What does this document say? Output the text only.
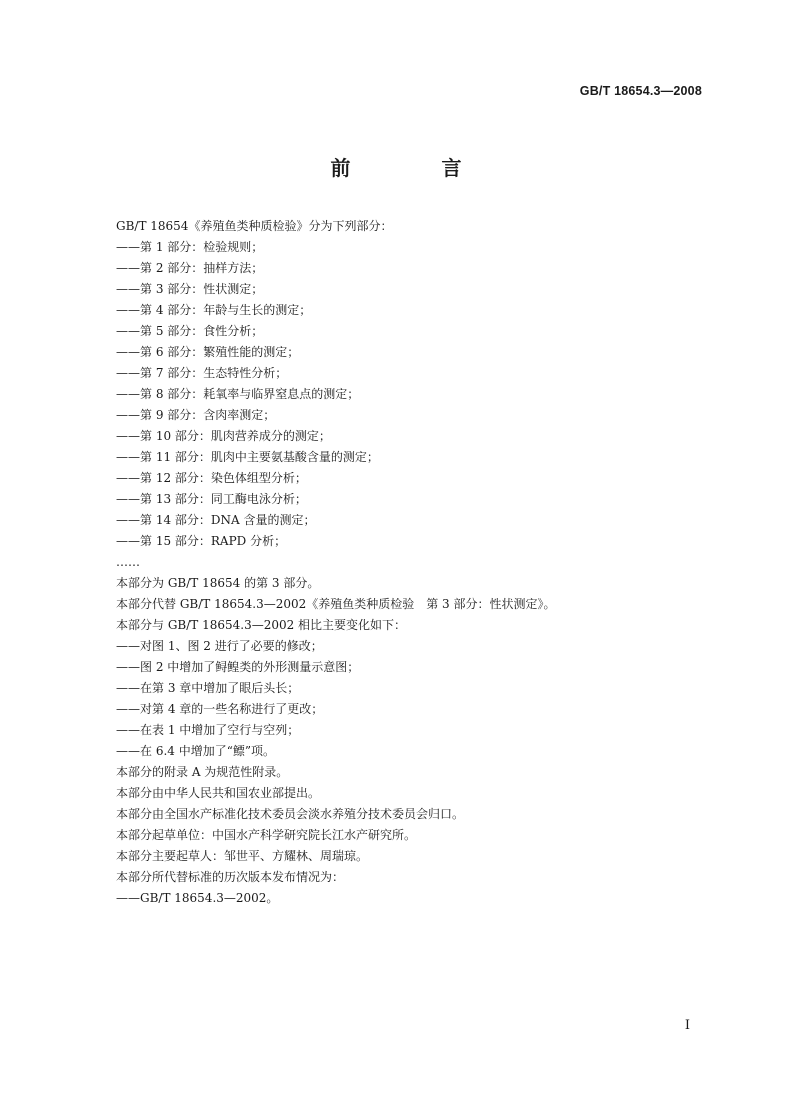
GB/T 18654.3—2008
前 言
GB/T 18654《养殖鱼类种质检验》分为下列部分：
——第 1 部分：检验规则；
——第 2 部分：抽样方法；
——第 3 部分：性状测定；
——第 4 部分：年龄与生长的测定；
——第 5 部分：食性分析；
——第 6 部分：繁殖性能的测定；
——第 7 部分：生态特性分析；
——第 8 部分：耗氧率与临界窒息点的测定；
——第 9 部分：含肉率测定；
——第 10 部分：肌肉营养成分的测定；
——第 11 部分：肌肉中主要氨基酸含量的测定；
——第 12 部分：染色体组型分析；
——第 13 部分：同工酶电泳分析；
——第 14 部分：DNA 含量的测定；
——第 15 部分：RAPD 分析；
……
本部分为 GB/T 18654 的第 3 部分。
本部分代替 GB/T 18654.3—2002《养殖鱼类种质检验　第 3 部分：性状测定》。
本部分与 GB/T 18654.3—2002 相比主要变化如下：
——对图 1、图 2 进行了必要的修改；
——图 2 中增加了鲟鳇类的外形测量示意图；
——在第 3 章中增加了眼后头长；
——对第 4 章的一些名称进行了更改；
——在表 1 中增加了空行与空列；
——在 6.4 中增加了“鳔”项。
本部分的附录 A 为规范性附录。
本部分由中华人民共和国农业部提出。
本部分由全国水产标准化技术委员会淡水养殖分技术委员会归口。
本部分起草单位：中国水产科学研究院长江水产研究所。
本部分主要起草人：邹世平、方耀林、周瑞琼。
本部分所代替标准的历次版本发布情况为：
——GB/T 18654.3—2002。
I
